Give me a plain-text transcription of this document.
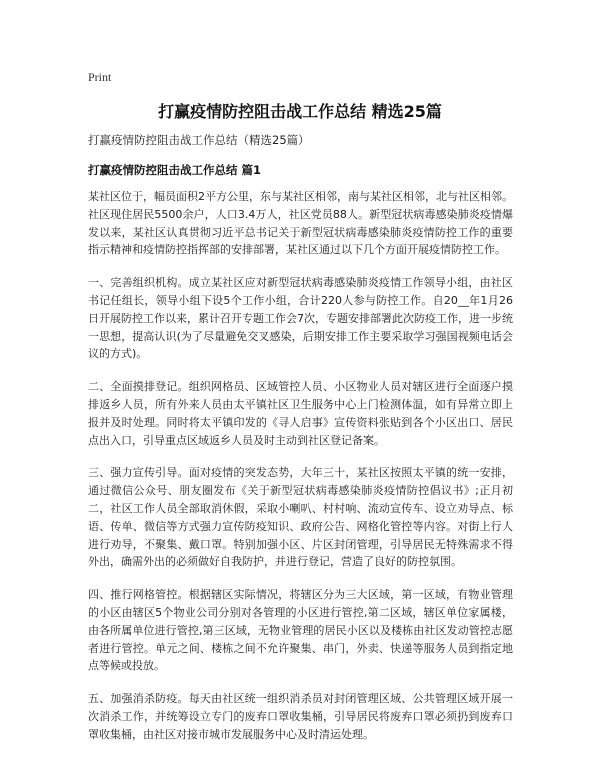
Print
打赢疫情防控阻击战工作总结 精选25篇
打赢疫情防控阻击战工作总结（精选25篇）
打赢疫情防控阻击战工作总结 篇1

某社区位于，幅员面积2平方公里，东与某社区相邻，南与某社区相邻，北与社区相邻。社区现住居民5500余户，人口3.4万人，社区党员88人。新型冠状病毒感染肺炎疫情爆发以来，某社区认真贯彻习近平总书记关于新型冠状病毒感染肺炎疫情防控工作的重要指示精神和疫情防控指挥部的安排部署，某社区通过以下几个方面开展疫情防控工作。

一、完善组织机构。成立某社区应对新型冠状病毒感染肺炎疫情工作领导小组，由社区书记任组长，领导小组下设5个工作小组，合计220人参与防控工作。自20__年1月26日开展防控工作以来，累计召开专题工作会7次，专题安排部署此次防疫工作，进一步统一思想，提高认识(为了尽量避免交叉感染，后期安排工作主要采取学习强国视频电话会议的方式)。

二、全面摸排登记。组织网格员、区域管控人员、小区物业人员对辖区进行全面逐户摸排返乡人员，所有外来人员由太平镇社区卫生服务中心上门检测体温，如有异常立即上报并及时处理。同时将太平镇印发的《寻人启事》宣传资料张贴到各个小区出口、居民点出入口，引导重点区域返乡人员及时主动到社区登记备案。

三、强力宣传引导。面对疫情的突发态势，大年三十，某社区按照太平镇的统一安排，通过微信公众号、朋友圈发布《关于新型冠状病毒感染肺炎疫情防控倡议书》;正月初二，社区工作人员全部取消休假，采取小喇叭、村村响、流动宣传车、设立劝导点、标语、传单、微信等方式强力宣传防疫知识、政府公告、网格化管控等内容。对街上行人进行劝导，不聚集、戴口罩。特别加强小区、片区封闭管理，引导居民无特殊需求不得外出，确需外出的必须做好自我防护，并进行登记，营造了良好的防控氛围。

四、推行网格管控。根据辖区实际情况，将辖区分为三大区域，第一区域，有物业管理的小区由辖区5个物业公司分别对各管理的小区进行管控,第二区域，辖区单位家属楼，由各所属单位进行管控,第三区域，无物业管理的居民小区以及楼栋由社区发动管控志愿者进行管控。单元之间、楼栋之间不允许聚集、串门，外卖、快递等服务人员到指定地点等候或投放。

五、加强消杀防疫。每天由社区统一组织消杀员对封闭管理区域、公共管理区域开展一次消杀工作，并统筹设立专门的废弃口罩收集桶，引导居民将废弃口罩必须扔到废弃口罩收集桶，由社区对接市城市发展服务中心及时清运处理。
